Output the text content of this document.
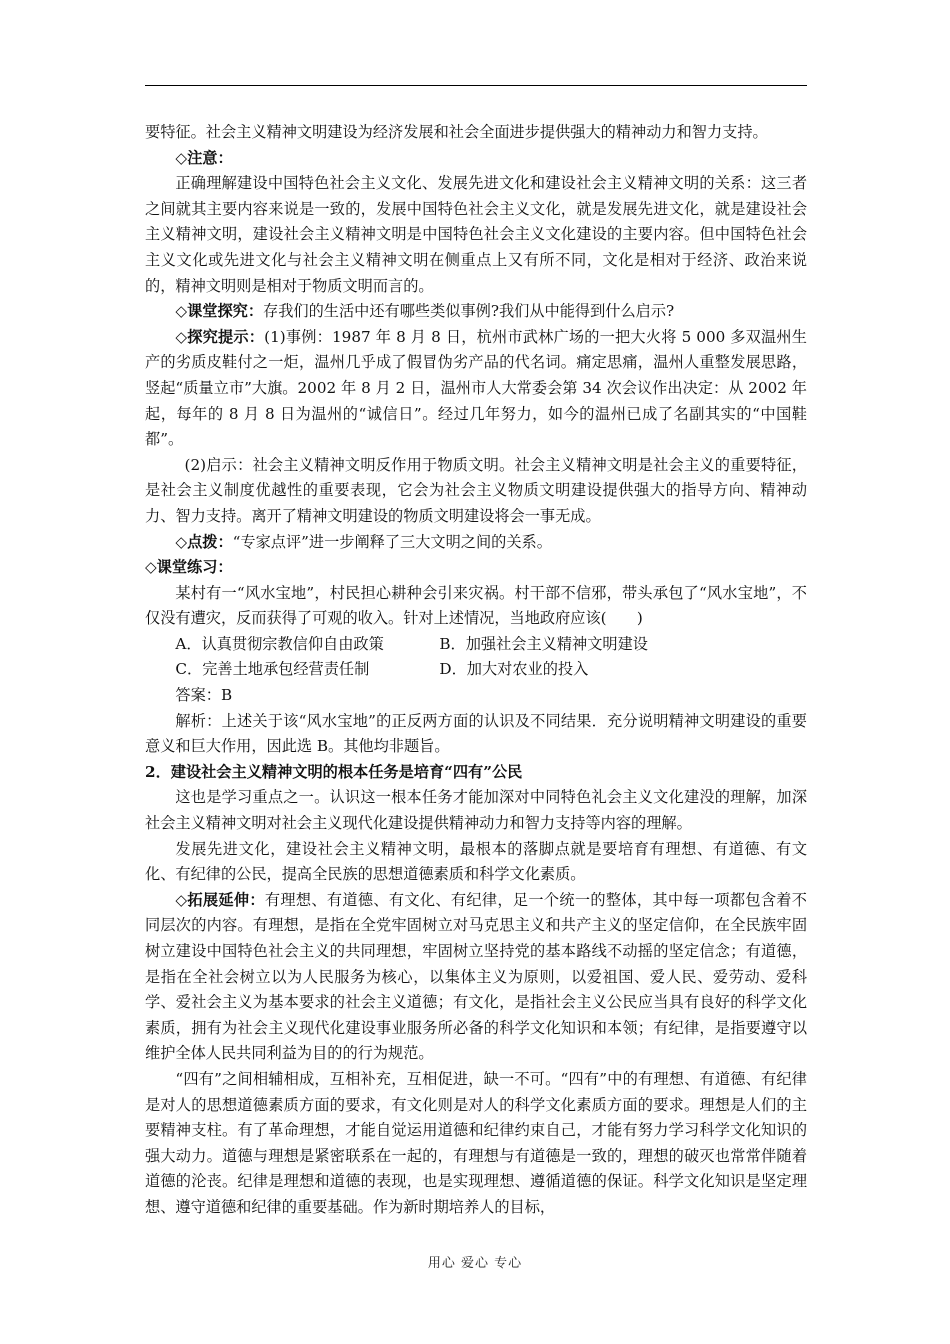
要特征。社会主义精神文明建设为经济发展和社会全面进步提供强大的精神动力和智力支持。

◇注意：

正确理解建设中国特色社会主义文化、发展先进文化和建设社会主义精神文明的关系：这三者之间就其主要内容来说是一致的，发展中国特色社会主义文化，就是发展先进文化，就是建设社会主义精神文明，建设社会主义精神文明是中国特色社会主义文化建设的主要内容。但中国特色社会主义文化或先进文化与社会主义精神文明在侧重点上又有所不同，文化是相对于经济、政治来说的，精神文明则是相对于物质文明而言的。

◇课堂探究：存我们的生活中还有哪些类似事例?我们从中能得到什么启示?

◇探究提示：(1)事例：1987 年 8 月 8 日，杭州市武林广场的一把大火将 5 000 多双温州生产的劣质皮鞋付之一炬，温州几乎成了假冒伪劣产品的代名词。痛定思痛，温州人重整发展思路，竖起“质量立市”大旗。2002 年 8 月 2 日，温州市人大常委会第 34 次会议作出决定：从 2002 年起，每年的 8 月 8 日为温州的“诚信日”。经过几年努力，如今的温州已成了名副其实的“中国鞋都”。

(2)启示：社会主义精神文明反作用于物质文明。社会主义精神文明是社会主义的重要特征，是社会主义制度优越性的重要表现，它会为社会主义物质文明建设提供强大的指导方向、精神动力、智力支持。离开了精神文明建设的物质文明建设将会一事无成。

◇点拨：“专家点评”进一步阐释了三大文明之间的关系。

◇课堂练习：

某村有一“风水宝地”，村民担心耕种会引来灾祸。村干部不信邪，带头承包了“风水宝地”，不仅没有遭灾，反而获得了可观的收入。针对上述情况，当地政府应该(　　)

A．认真贯彻宗教信仰自由政策	B．加强社会主义精神文明建设
C．完善土地承包经营责任制	D．加大对农业的投入

答案：B

解析：上述关于该“风水宝地”的正反两方面的认识及不同结果．充分说明精神文明建设的重要意义和巨大作用，因此选 B。其他均非题旨。

2．建设社会主义精神文明的根本任务是培育“四有”公民

这也是学习重点之一。认识这一根本任务才能加深对中同特色礼会主义文化建没的理解，加深社会主义精神文明对社会主义现代化建设提供精神动力和智力支持等内容的理解。

发展先进文化，建设社会主义精神文明，最根本的落脚点就是要培育有理想、有道德、有文化、有纪律的公民，提高全民族的思想道德素质和科学文化素质。

◇拓展延伸：有理想、有道德、有文化、有纪律，足一个统一的整体，其中每一项都包含着不同层次的内容。有理想，是指在全党牢固树立对马克思主义和共产主义的坚定信仰，在全民族牢固树立建设中国特色社会主义的共同理想，牢固树立坚持党的基本路线不动摇的坚定信念；有道德，是指在全社会树立以为人民服务为核心，以集体主义为原则，以爱祖国、爱人民、爱劳动、爱科学、爱社会主义为基本要求的社会主义道德；有文化，是指社会主义公民应当具有良好的科学文化素质，拥有为社会主义现代化建设事业服务所必备的科学文化知识和本领；有纪律，是指要遵守以维护全体人民共同利益为目的的行为规范。

“四有”之间相辅相成，互相补充，互相促进，缺一不可。“四有”中的有理想、有道德、有纪律是对人的思想道德素质方面的要求，有文化则是对人的科学文化素质方面的要求。理想是人们的主要精神支柱。有了革命理想，才能自觉运用道德和纪律约束自己，才能有努力学习科学文化知识的强大动力。道德与理想是紧密联系在一起的，有理想与有道德是一致的，理想的破灭也常常伴随着道德的沦丧。纪律是理想和道德的表现，也是实现理想、遵循道德的保证。科学文化知识是坚定理想、遵守道德和纪律的重要基础。作为新时期培养人的目标，

用心 爱心 专心
